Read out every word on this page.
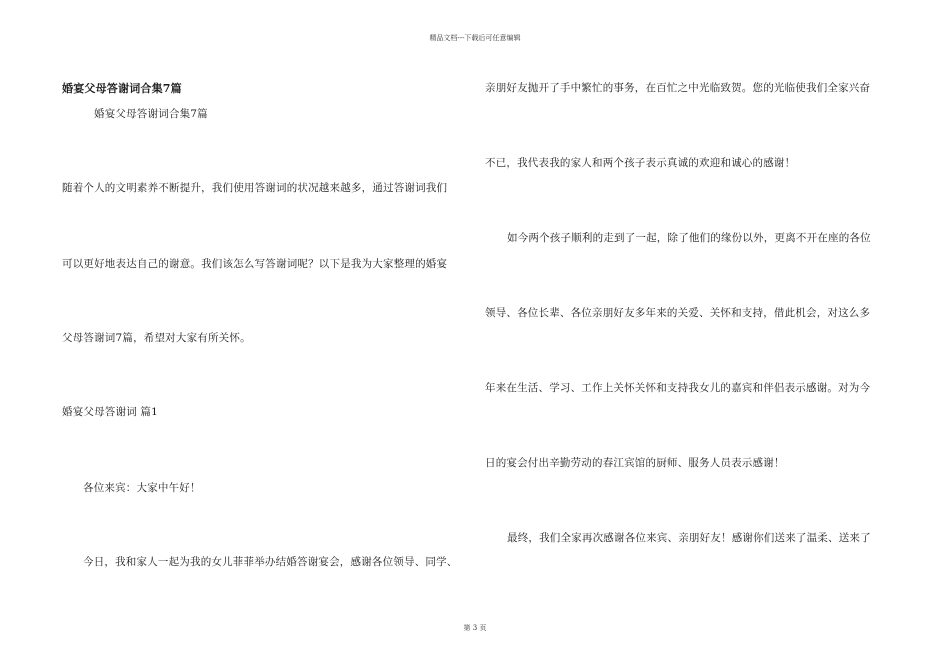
精品文档---下载后可任意编辑
婚宴父母答谢词合集7篇
婚宴父母答谢词合集7篇
随着个人的文明素养不断提升，我们使用答谢词的状况越来越多，通过答谢词我们
可以更好地表达自己的谢意。我们该怎么写答谢词呢？以下是我为大家整理的婚宴
父母答谢词7篇，希望对大家有所关怀。
婚宴父母答谢词 篇1
各位来宾：大家中午好！
今日，我和家人一起为我的女儿菲菲举办结婚答谢宴会，感谢各位领导、同学、
亲朋好友抛开了手中繁忙的事务，在百忙之中光临致贺。您的光临使我们全家兴奋
不已，我代表我的家人和两个孩子表示真诚的欢迎和诚心的感谢！
如今两个孩子顺利的走到了一起，除了他们的缘份以外，更离不开在座的各位
领导、各位长辈、各位亲朋好友多年来的关爱、关怀和支持，借此机会，对这么多
年来在生活、学习、工作上关怀关怀和支持我女儿的嘉宾和伴侣表示感谢。对为今
日的宴会付出辛勤劳动的春江宾馆的厨师、服务人员表示感谢！
最终，我们全家再次感谢各位来宾、亲朋好友！感谢你们送来了温柔、送来了
第 3 页
